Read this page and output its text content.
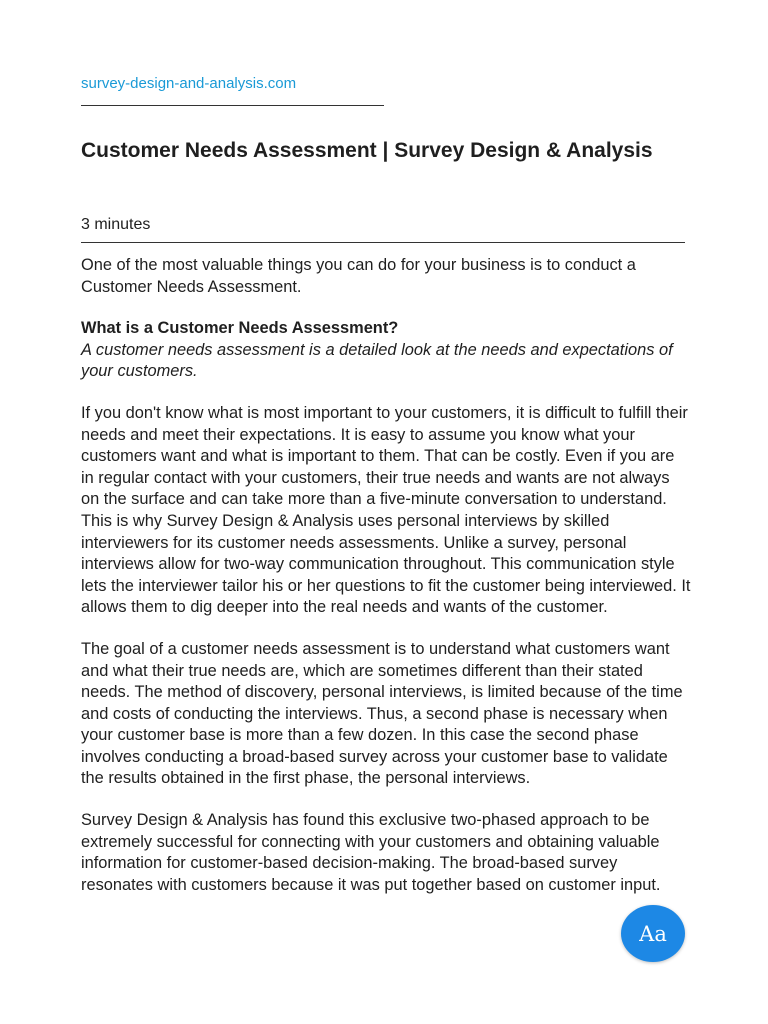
survey-design-and-analysis.com
Customer Needs Assessment | Survey Design & Analysis
3 minutes

One of the most valuable things you can do for your business is to conduct a Customer Needs Assessment.

What is a Customer Needs Assessment?

A customer needs assessment is a detailed look at the needs and expectations of your customers.

If you don't know what is most important to your customers, it is difficult to fulfill their needs and meet their expectations. It is easy to assume you know what your customers want and what is important to them. That can be costly. Even if you are in regular contact with your customers, their true needs and wants are not always on the surface and can take more than a five-minute conversation to understand. This is why Survey Design & Analysis uses personal interviews by skilled interviewers for its customer needs assessments. Unlike a survey, personal interviews allow for two-way communication throughout. This communication style lets the interviewer tailor his or her questions to fit the customer being interviewed. It allows them to dig deeper into the real needs and wants of the customer.

The goal of a customer needs assessment is to understand what customers want and what their true needs are, which are sometimes different than their stated needs. The method of discovery, personal interviews, is limited because of the time and costs of conducting the interviews. Thus, a second phase is necessary when your customer base is more than a few dozen. In this case the second phase involves conducting a broad-based survey across your customer base to validate the results obtained in the first phase, the personal interviews.

Survey Design & Analysis has found this exclusive two-phased approach to be extremely successful for connecting with your customers and obtaining valuable information for customer-based decision-making. The broad-based survey resonates with customers because it was put together based on customer input.

Aa
